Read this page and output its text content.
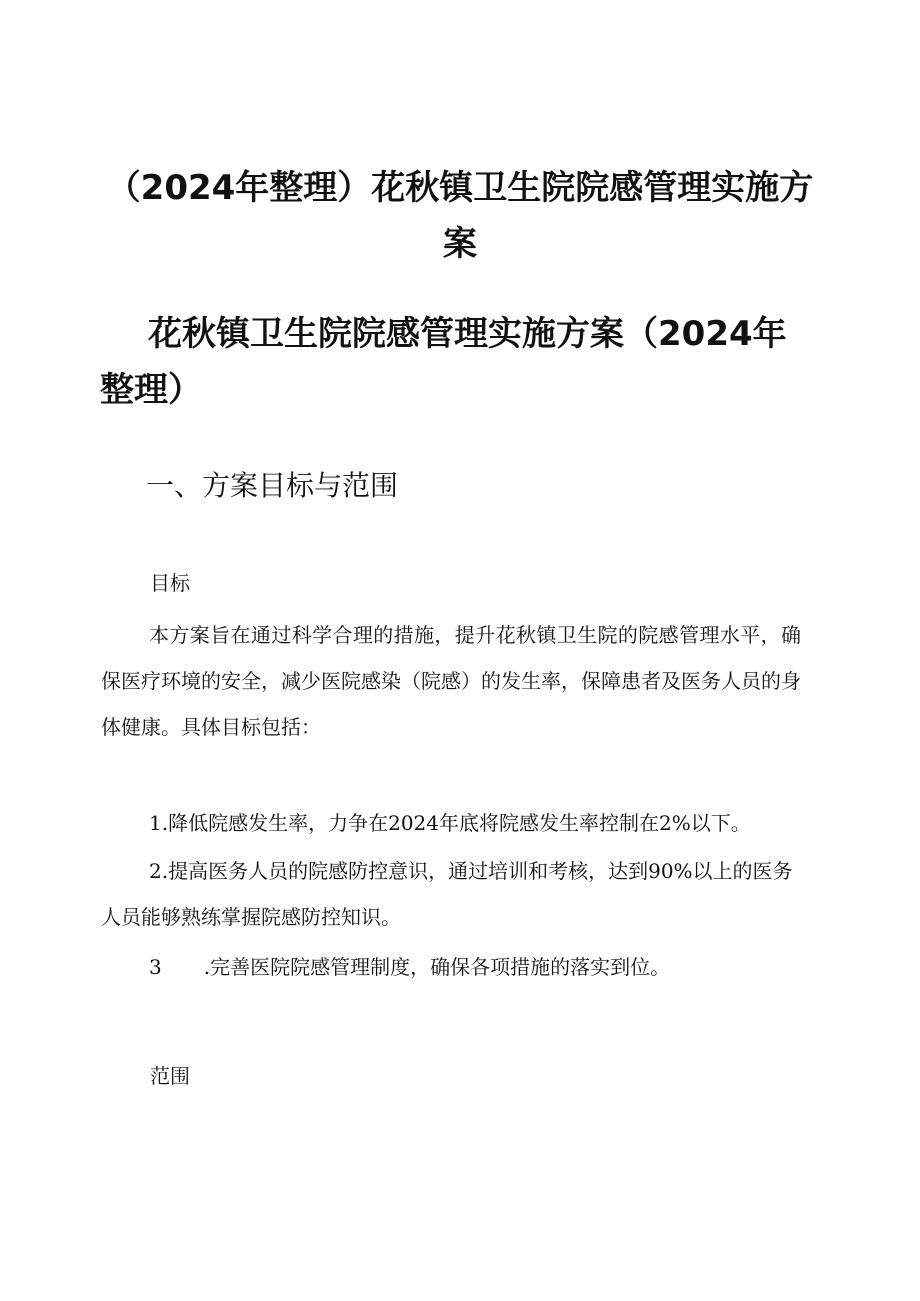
（2024年整理）花秋镇卫生院院感管理实施方案
花秋镇卫生院院感管理实施方案（2024年整理）
一、方案目标与范围

目标

本方案旨在通过科学合理的措施，提升花秋镇卫生院的院感管理水平，确保医疗环境的安全，减少医院感染（院感）的发生率，保障患者及医务人员的身体健康。具体目标包括：

1.降低院感发生率，力争在2024年底将院感发生率控制在2%以下。

2.提高医务人员的院感防控意识，通过培训和考核，达到90%以上的医务人员能够熟练掌握院感防控知识。

3 .完善医院院感管理制度，确保各项措施的落实到位。

范围
